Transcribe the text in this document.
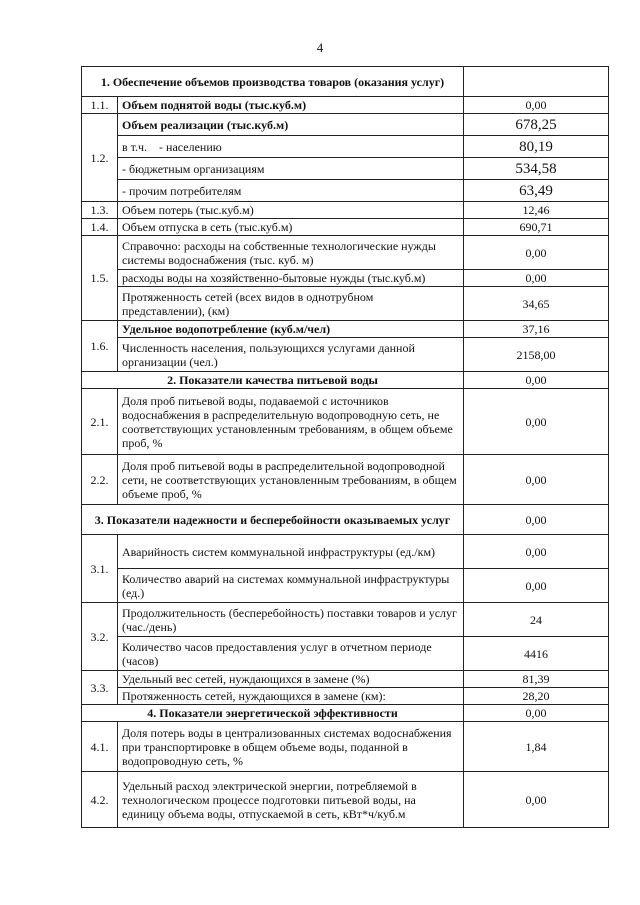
4
1. Обеспечение объемов производства товаров (оказания услуг)		
1.1.	Объем поднятой воды (тыс.куб.м)	0,00
1.2.	Объем реализации (тыс.куб.м)	678,25
	в т.ч. - населению	80,19
	- бюджетным организациям	534,58
	- прочим потребителям	63,49
1.3.	Объем потерь (тыс.куб.м)	12,46
1.4.	Объем отпуска в сеть (тыс.куб.м)	690,71
1.5.	Справочно: расходы на собственные технологические нужды системы водоснабжения (тыс. куб. м)	0,00
	расходы воды на хозяйственно-бытовые нужды (тыс.куб.м)	0,00
	Протяженность сетей (всех видов в однотрубном представлении), (км)	34,65
1.6.	Удельное водопотребление (куб.м/чел)	37,16
	Численность населения, пользующихся услугами данной организации (чел.)	2158,00
2. Показатели качества питьевой воды		0,00
2.1.	Доля проб питьевой воды, подаваемой с источников водоснабжения в распределительную водопроводную сеть, не соответствующих установленным требованиям, в общем объеме проб, %	0,00
2.2.	Доля проб питьевой воды в распределительной водопроводной сети, не соответствующих установленным требованиям, в общем объеме проб, %	0,00
3. Показатели надежности и бесперебойности оказываемых услуг		0,00
3.1.	Аварийность систем коммунальной инфраструктуры (ед./км)	0,00
	Количество аварий на системах коммунальной инфраструктуры (ед.)	0,00
3.2.	Продолжительность (бесперебойность) поставки товаров и услуг (час./день)	24
	Количество часов предоставления услуг в отчетном периоде (часов)	4416
3.3.	Удельный вес сетей, нуждающихся в замене (%)	81,39
	Протяженность сетей, нуждающихся в замене (км):	28,20
4. Показатели энергетической эффективности		0,00
4.1.	Доля потерь воды в централизованных системах водоснабжения при транспортировке в общем объеме воды, поданной в водопроводную сеть, %	1,84
4.2.	Удельный расход электрической энергии, потребляемой в технологическом процессе подготовки питьевой воды, на единицу объема воды, отпускаемой в сеть, кВт*ч/куб.м	0,00
